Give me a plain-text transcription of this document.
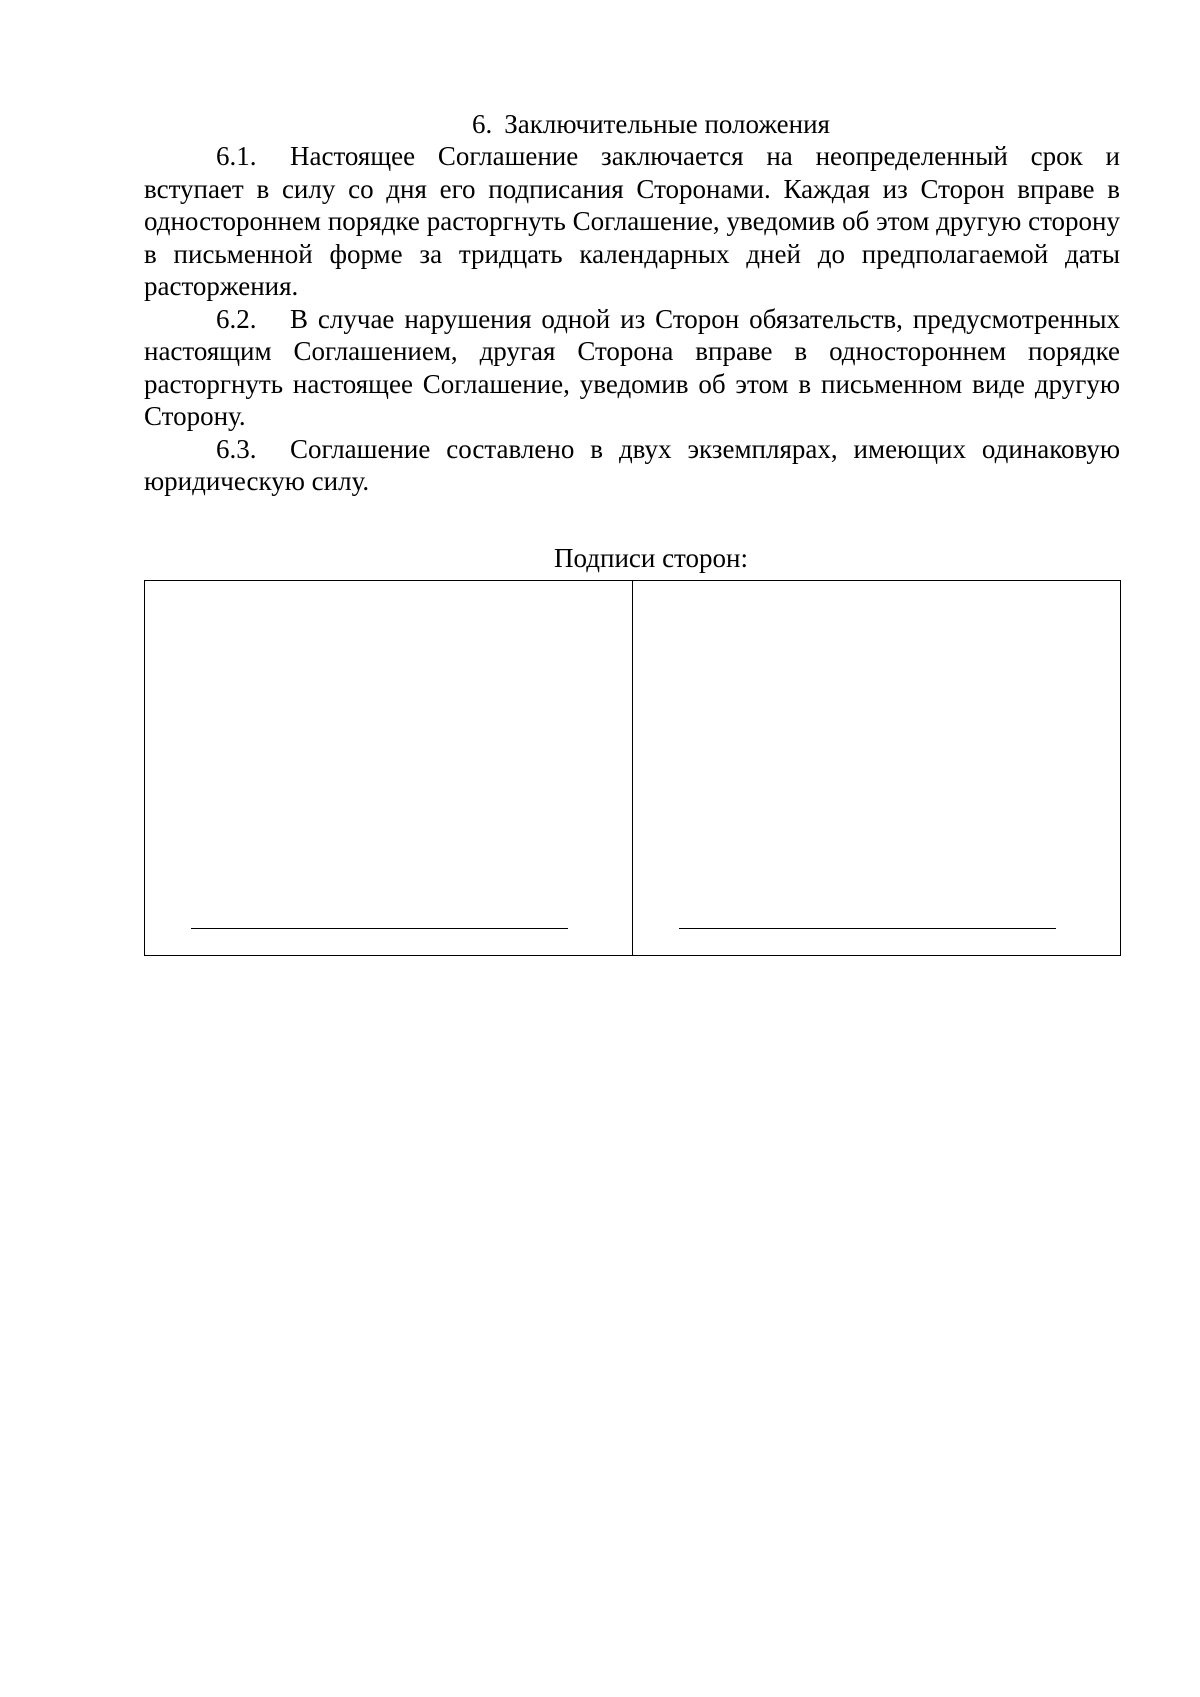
6. Заключительные положения

6.1. Настоящее Соглашение заключается на неопределенный срок и вступает в силу со дня его подписания Сторонами. Каждая из Сторон вправе в одностороннем порядке расторгнуть Соглашение, уведомив об этом другую сторону в письменной форме за тридцать календарных дней до предполагаемой даты расторжения.

6.2. В случае нарушения одной из Сторон обязательств, предусмотренных настоящим Соглашением, другая Сторона вправе в одностороннем порядке расторгнуть настоящее Соглашение, уведомив об этом в письменном виде другую Сторону.

6.3. Соглашение составлено в двух экземплярах, имеющих одинаковую юридическую силу.

Подписи сторон:
